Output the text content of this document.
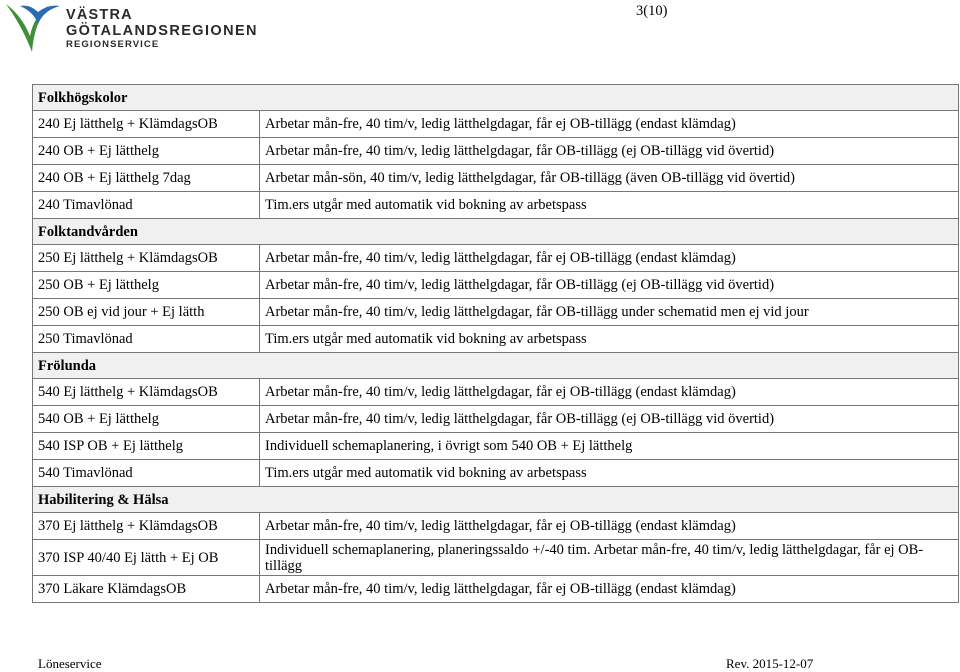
VÄSTRA
GÖTALANDSREGIONEN
REGIONSERVICE
3(10)
Folkhögskolor	
240 Ej lätthelg + KlämdagsOB	Arbetar mån-fre, 40 tim/v, ledig lätthelgdagar, får ej OB-tillägg (endast klämdag)
240 OB + Ej lätthelg	Arbetar mån-fre, 40 tim/v, ledig lätthelgdagar, får OB-tillägg (ej OB-tillägg vid övertid)
240 OB + Ej lätthelg 7dag	Arbetar mån-sön, 40 tim/v, ledig lätthelgdagar, får OB-tillägg (även OB-tillägg vid övertid)
240 Timavlönad	Tim.ers utgår med automatik vid bokning av arbetspass
Folktandvården	
250 Ej lätthelg + KlämdagsOB	Arbetar mån-fre, 40 tim/v, ledig lätthelgdagar, får ej OB-tillägg (endast klämdag)
250 OB + Ej lätthelg	Arbetar mån-fre, 40 tim/v, ledig lätthelgdagar, får OB-tillägg (ej OB-tillägg vid övertid)
250 OB ej vid jour + Ej lätth	Arbetar mån-fre, 40 tim/v, ledig lätthelgdagar, får OB-tillägg under schematid men ej vid jour
250 Timavlönad	Tim.ers utgår med automatik vid bokning av arbetspass
Frölunda	
540 Ej lätthelg + KlämdagsOB	Arbetar mån-fre, 40 tim/v, ledig lätthelgdagar, får ej OB-tillägg (endast klämdag)
540 OB + Ej lätthelg	Arbetar mån-fre, 40 tim/v, ledig lätthelgdagar, får OB-tillägg (ej OB-tillägg vid övertid)
540 ISP OB + Ej lätthelg	Individuell schemaplanering, i övrigt som 540 OB + Ej lätthelg
540 Timavlönad	Tim.ers utgår med automatik vid bokning av arbetspass
Habilitering & Hälsa	
370 Ej lätthelg + KlämdagsOB	Arbetar mån-fre, 40 tim/v, ledig lätthelgdagar, får ej OB-tillägg (endast klämdag)
370 ISP 40/40 Ej lätth + Ej OB	Individuell schemaplanering, planeringssaldo +/-40 tim. Arbetar mån-fre, 40 tim/v, ledig lätthelgdagar, får ej OB-tillägg
370 Läkare KlämdagsOB	Arbetar mån-fre, 40 tim/v, ledig lätthelgdagar, får ej OB-tillägg (endast klämdag)
Löneservice	Rev. 2015-12-07
